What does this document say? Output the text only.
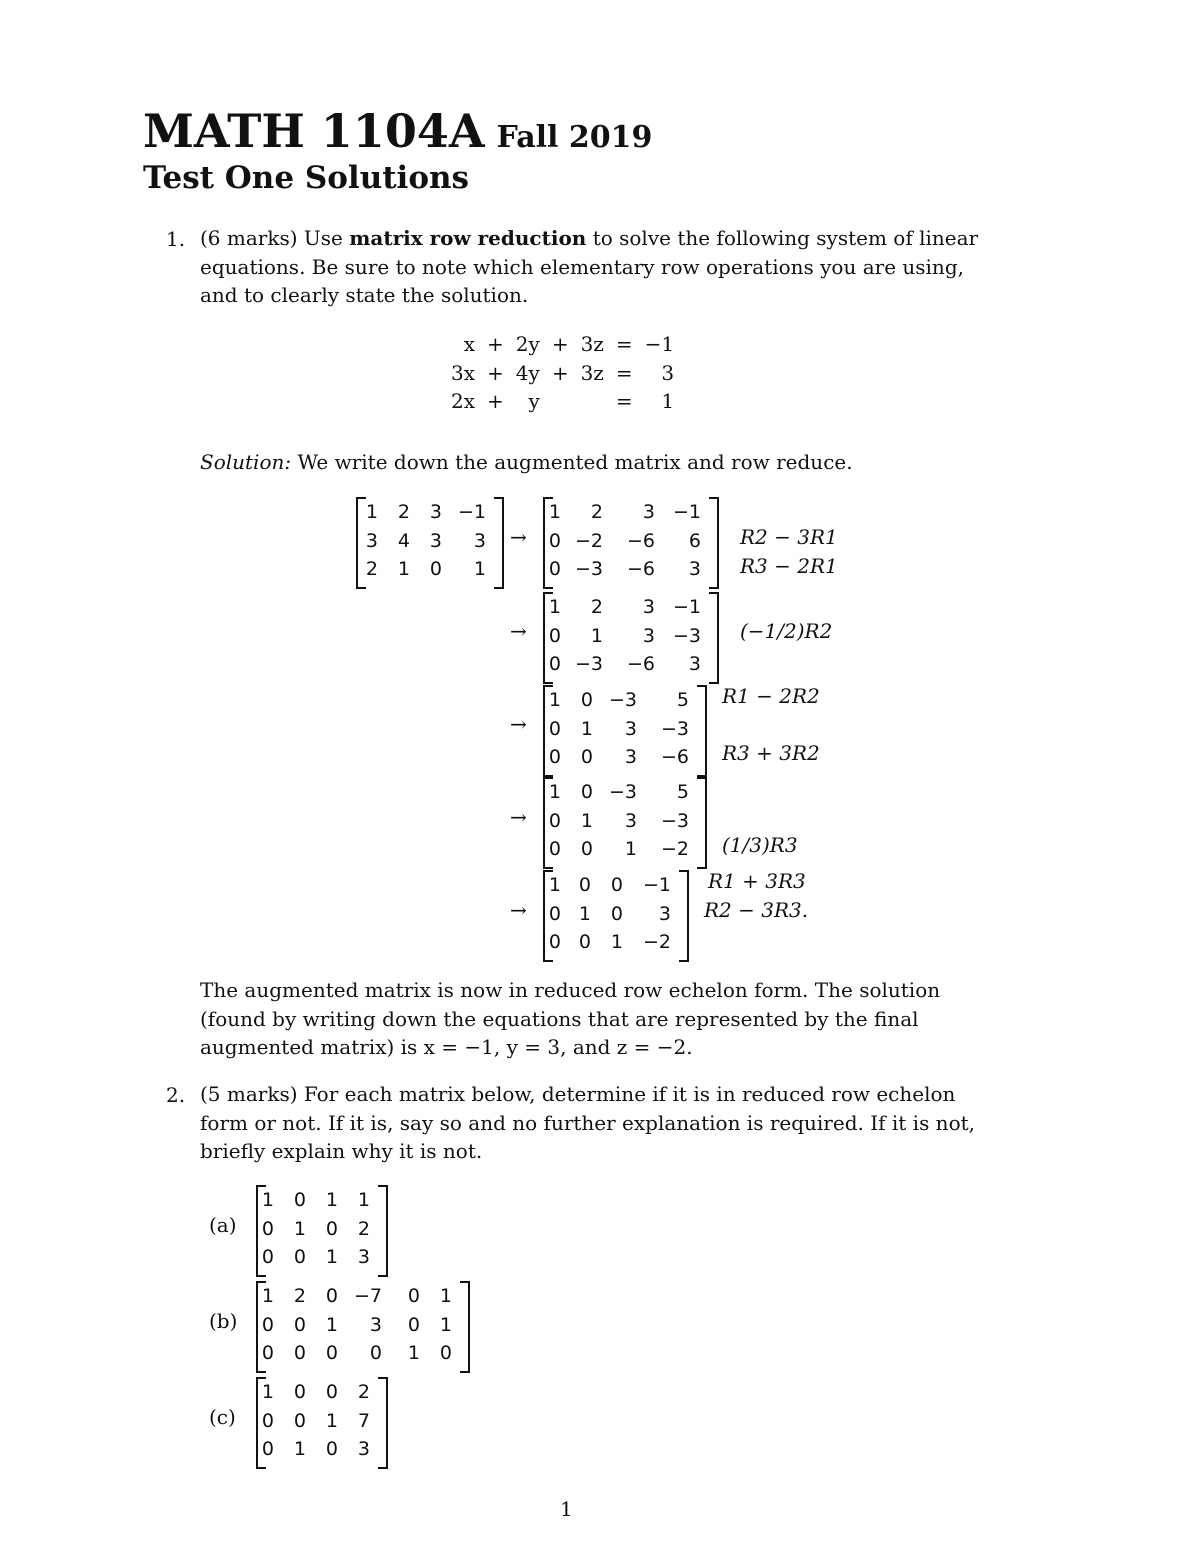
MATH 1104A Fall 2019
Test One Solutions
1. (6 marks) Use matrix row reduction to solve the following system of linear equations. Be sure to note which elementary row operations you are using, and to clearly state the solution.
x	+	2y	+	3z	=	−1
3x	+	4y	+	3z	=	3
2x	+	y			=	1
Solution: We write down the augmented matrix and row reduce.
1	2	3	−1
3	4	3	3
2	1	0	1
→
1	2	3	−1
0	−2	−6	6
0	−3	−6	3
R2 − 3R1
R3 − 2R1
→
1	2	3	−1
0	1	3	−3
0	−3	−6	3
(−1/2)R2
→
1	0	−3	5
0	1	3	−3
0	0	3	−6
R1 − 2R2
R3 + 3R2
→
1	0	−3	5
0	1	3	−3
0	0	1	−2 (1/3)R3
→
1	0	0	−1
0	1	0	3
0	0	1	−2
R1 + 3R3
R2 − 3R3.
The augmented matrix is now in reduced row echelon form. The solution (found by writing down the equations that are represented by the final augmented matrix) is x = −1, y = 3, and z = −2.
2. (5 marks) For each matrix below, determine if it is in reduced row echelon form or not. If it is, say so and no further explanation is required. If it is not, briefly explain why it is not.
(a)
1	0	1	1
0	1	0	2
0	0	1	3
(b)
1	2	0	−7	0	1
0	0	1	3	0	1
0	0	0	0	1	0
(c)
1	0	0	2
0	0	1	7
0	1	0	3
1
